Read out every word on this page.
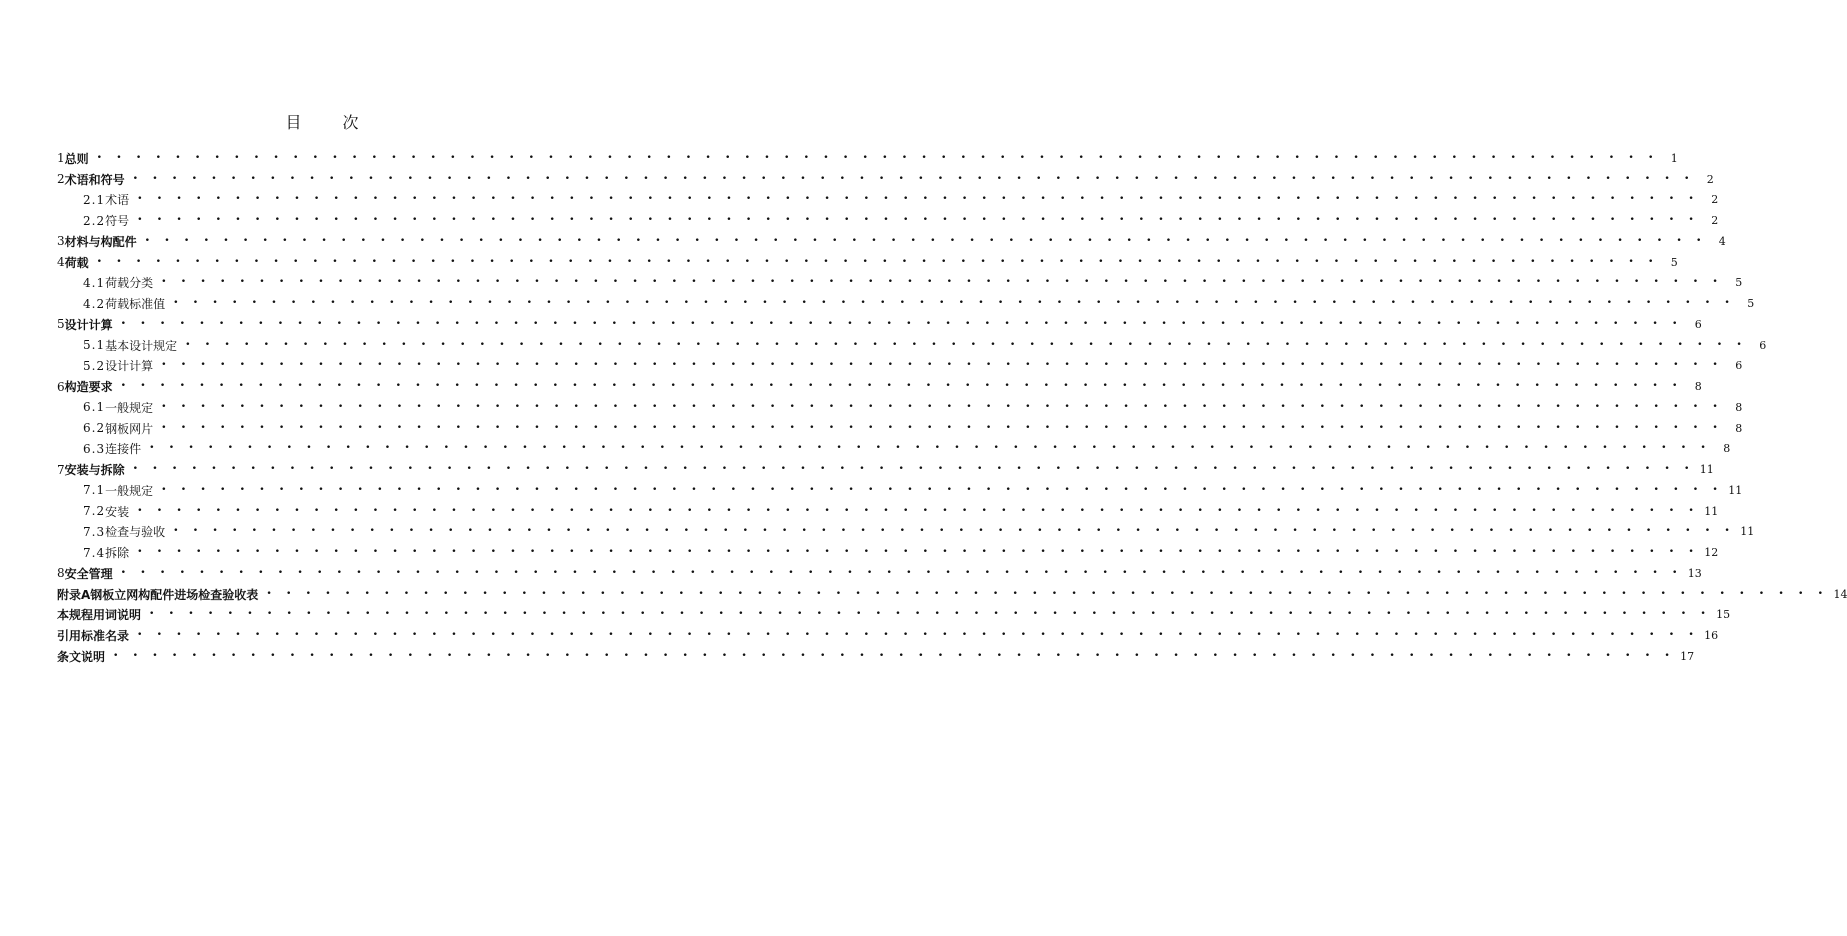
目 次
1 总则 • • • • • • • • • • • • • • • • • • • • • • • • • • • • • • • • • • • • • • • • • • • • • • • • • • • • • • • • • • • • • • • • • • • • • • • • • • • • • • • •	1
2 术语和符号 • • • • • • • • • • • • • • • • • • • • • • • • • • • • • • • • • • • • • • • • • • • • • • • • • • • • • • • • • • • • • • • • • • • • • • • • • • • • • • • •	2
2.1 术语 • • • • • • • • • • • • • • • • • • • • • • • • • • • • • • • • • • • • • • • • • • • • • • • • • • • • • • • • • • • • • • • • • • • • • • • • • • • • • • • •	2
2.2 符号 • • • • • • • • • • • • • • • • • • • • • • • • • • • • • • • • • • • • • • • • • • • • • • • • • • • • • • • • • • • • • • • • • • • • • • • • • • • • • • • •	2
3 材料与构配件 • • • • • • • • • • • • • • • • • • • • • • • • • • • • • • • • • • • • • • • • • • • • • • • • • • • • • • • • • • • • • • • • • • • • • • • • • • • • • • • •	4
4 荷载 • • • • • • • • • • • • • • • • • • • • • • • • • • • • • • • • • • • • • • • • • • • • • • • • • • • • • • • • • • • • • • • • • • • • • • • • • • • • • • • •	5
4.1 荷载分类 • • • • • • • • • • • • • • • • • • • • • • • • • • • • • • • • • • • • • • • • • • • • • • • • • • • • • • • • • • • • • • • • • • • • • • • • • • • • • • • •	5
4.2 荷载标准值 • • • • • • • • • • • • • • • • • • • • • • • • • • • • • • • • • • • • • • • • • • • • • • • • • • • • • • • • • • • • • • • • • • • • • • • • • • • • • • • •	5
5 设计计算 • • • • • • • • • • • • • • • • • • • • • • • • • • • • • • • • • • • • • • • • • • • • • • • • • • • • • • • • • • • • • • • • • • • • • • • • • • • • • • • •	6
5.1 基本设计规定 • • • • • • • • • • • • • • • • • • • • • • • • • • • • • • • • • • • • • • • • • • • • • • • • • • • • • • • • • • • • • • • • • • • • • • • • • • • • • • • •	6
5.2 设计计算 • • • • • • • • • • • • • • • • • • • • • • • • • • • • • • • • • • • • • • • • • • • • • • • • • • • • • • • • • • • • • • • • • • • • • • • • • • • • • • • •	6
6 构造要求 • • • • • • • • • • • • • • • • • • • • • • • • • • • • • • • • • • • • • • • • • • • • • • • • • • • • • • • • • • • • • • • • • • • • • • • • • • • • • • • •	8
6.1 一般规定 • • • • • • • • • • • • • • • • • • • • • • • • • • • • • • • • • • • • • • • • • • • • • • • • • • • • • • • • • • • • • • • • • • • • • • • • • • • • • • • •	8
6.2 钢板网片 • • • • • • • • • • • • • • • • • • • • • • • • • • • • • • • • • • • • • • • • • • • • • • • • • • • • • • • • • • • • • • • • • • • • • • • • • • • • • • • •	8
6.3 连接件 • • • • • • • • • • • • • • • • • • • • • • • • • • • • • • • • • • • • • • • • • • • • • • • • • • • • • • • • • • • • • • • • • • • • • • • • • • • • • • • •	8
7 安装与拆除 • • • • • • • • • • • • • • • • • • • • • • • • • • • • • • • • • • • • • • • • • • • • • • • • • • • • • • • • • • • • • • • • • • • • • • • • • • • • • • • • 11
7.1 一般规定 • • • • • • • • • • • • • • • • • • • • • • • • • • • • • • • • • • • • • • • • • • • • • • • • • • • • • • • • • • • • • • • • • • • • • • • • • • • • • • • • 11
7.2 安装 • • • • • • • • • • • • • • • • • • • • • • • • • • • • • • • • • • • • • • • • • • • • • • • • • • • • • • • • • • • • • • • • • • • • • • • • • • • • • • • • 11
7.3 检查与验收 • • • • • • • • • • • • • • • • • • • • • • • • • • • • • • • • • • • • • • • • • • • • • • • • • • • • • • • • • • • • • • • • • • • • • • • • • • • • • • • • 11
7.4 拆除 • • • • • • • • • • • • • • • • • • • • • • • • • • • • • • • • • • • • • • • • • • • • • • • • • • • • • • • • • • • • • • • • • • • • • • • • • • • • • • • • 12
8 安全管理 • • • • • • • • • • • • • • • • • • • • • • • • • • • • • • • • • • • • • • • • • • • • • • • • • • • • • • • • • • • • • • • • • • • • • • • • • • • • • • • • 13
附录A 钢板立网构配件进场检查验收表 • • • • • • • • • • • • • • • • • • • • • • • • • • • • • • • • • • • • • • • • • • • • • • • • • • • • • • • • • • • • • • • • • • • • • • • • • • • • • • • • 14
本规程用词说明 • • • • • • • • • • • • • • • • • • • • • • • • • • • • • • • • • • • • • • • • • • • • • • • • • • • • • • • • • • • • • • • • • • • • • • • • • • • • • • • • 15
引用标准名录 • • • • • • • • • • • • • • • • • • • • • • • • • • • • • • • • • • • • • • • • • • • • • • • • • • • • • • • • • • • • • • • • • • • • • • • • • • • • • • • • 16
条文说明 • • • • • • • • • • • • • • • • • • • • • • • • • • • • • • • • • • • • • • • • • • • • • • • • • • • • • • • • • • • • • • • • • • • • • • • • • • • • • • • • 17
